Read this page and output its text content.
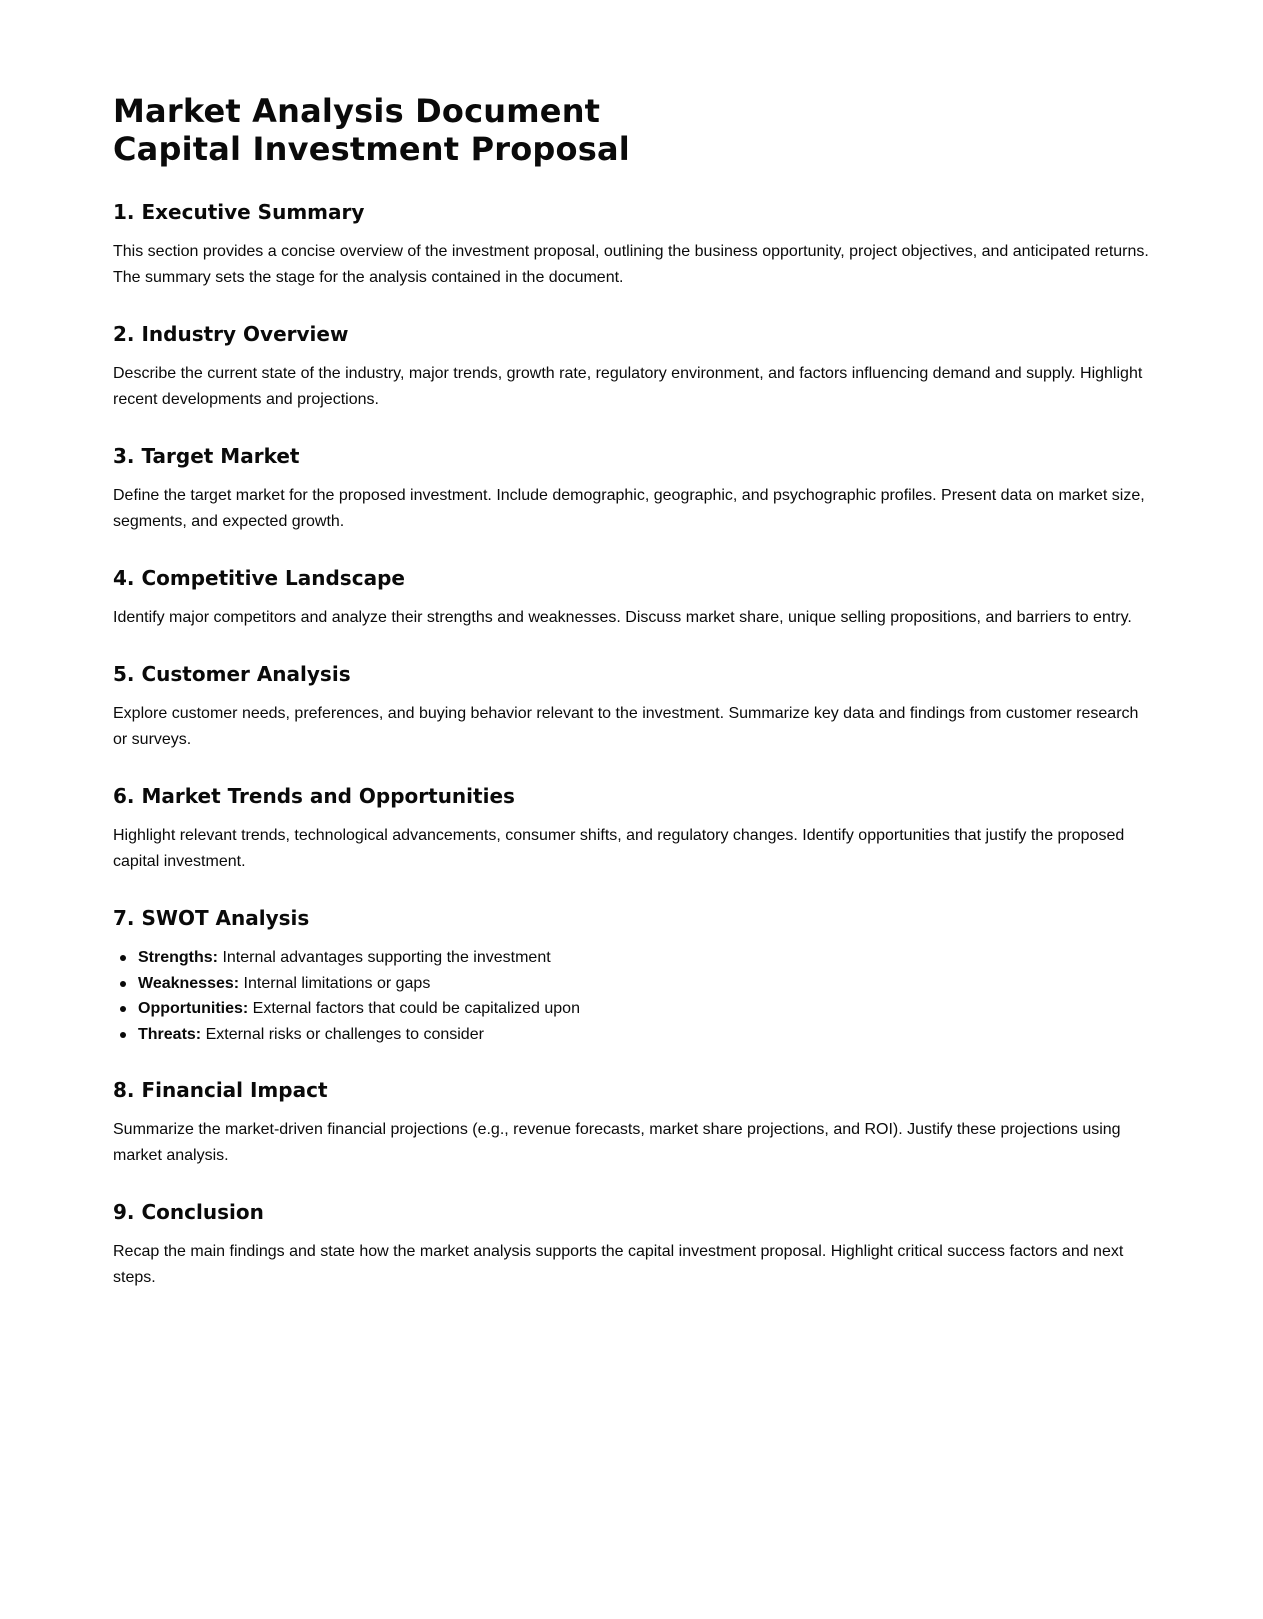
Market Analysis Document
Capital Investment Proposal
1. Executive Summary

This section provides a concise overview of the investment proposal, outlining the business opportunity, project objectives, and anticipated returns. The summary sets the stage for the analysis contained in the document.

2. Industry Overview

Describe the current state of the industry, major trends, growth rate, regulatory environment, and factors influencing demand and supply. Highlight recent developments and projections.

3. Target Market

Define the target market for the proposed investment. Include demographic, geographic, and psychographic profiles. Present data on market size, segments, and expected growth.

4. Competitive Landscape

Identify major competitors and analyze their strengths and weaknesses. Discuss market share, unique selling propositions, and barriers to entry.

5. Customer Analysis

Explore customer needs, preferences, and buying behavior relevant to the investment. Summarize key data and findings from customer research or surveys.

6. Market Trends and Opportunities

Highlight relevant trends, technological advancements, consumer shifts, and regulatory changes. Identify opportunities that justify the proposed capital investment.

7. SWOT Analysis
Strengths: Internal advantages supporting the investment
Weaknesses: Internal limitations or gaps
Opportunities: External factors that could be capitalized upon
Threats: External risks or challenges to consider
8. Financial Impact

Summarize the market-driven financial projections (e.g., revenue forecasts, market share projections, and ROI). Justify these projections using market analysis.

9. Conclusion

Recap the main findings and state how the market analysis supports the capital investment proposal. Highlight critical success factors and next steps.
